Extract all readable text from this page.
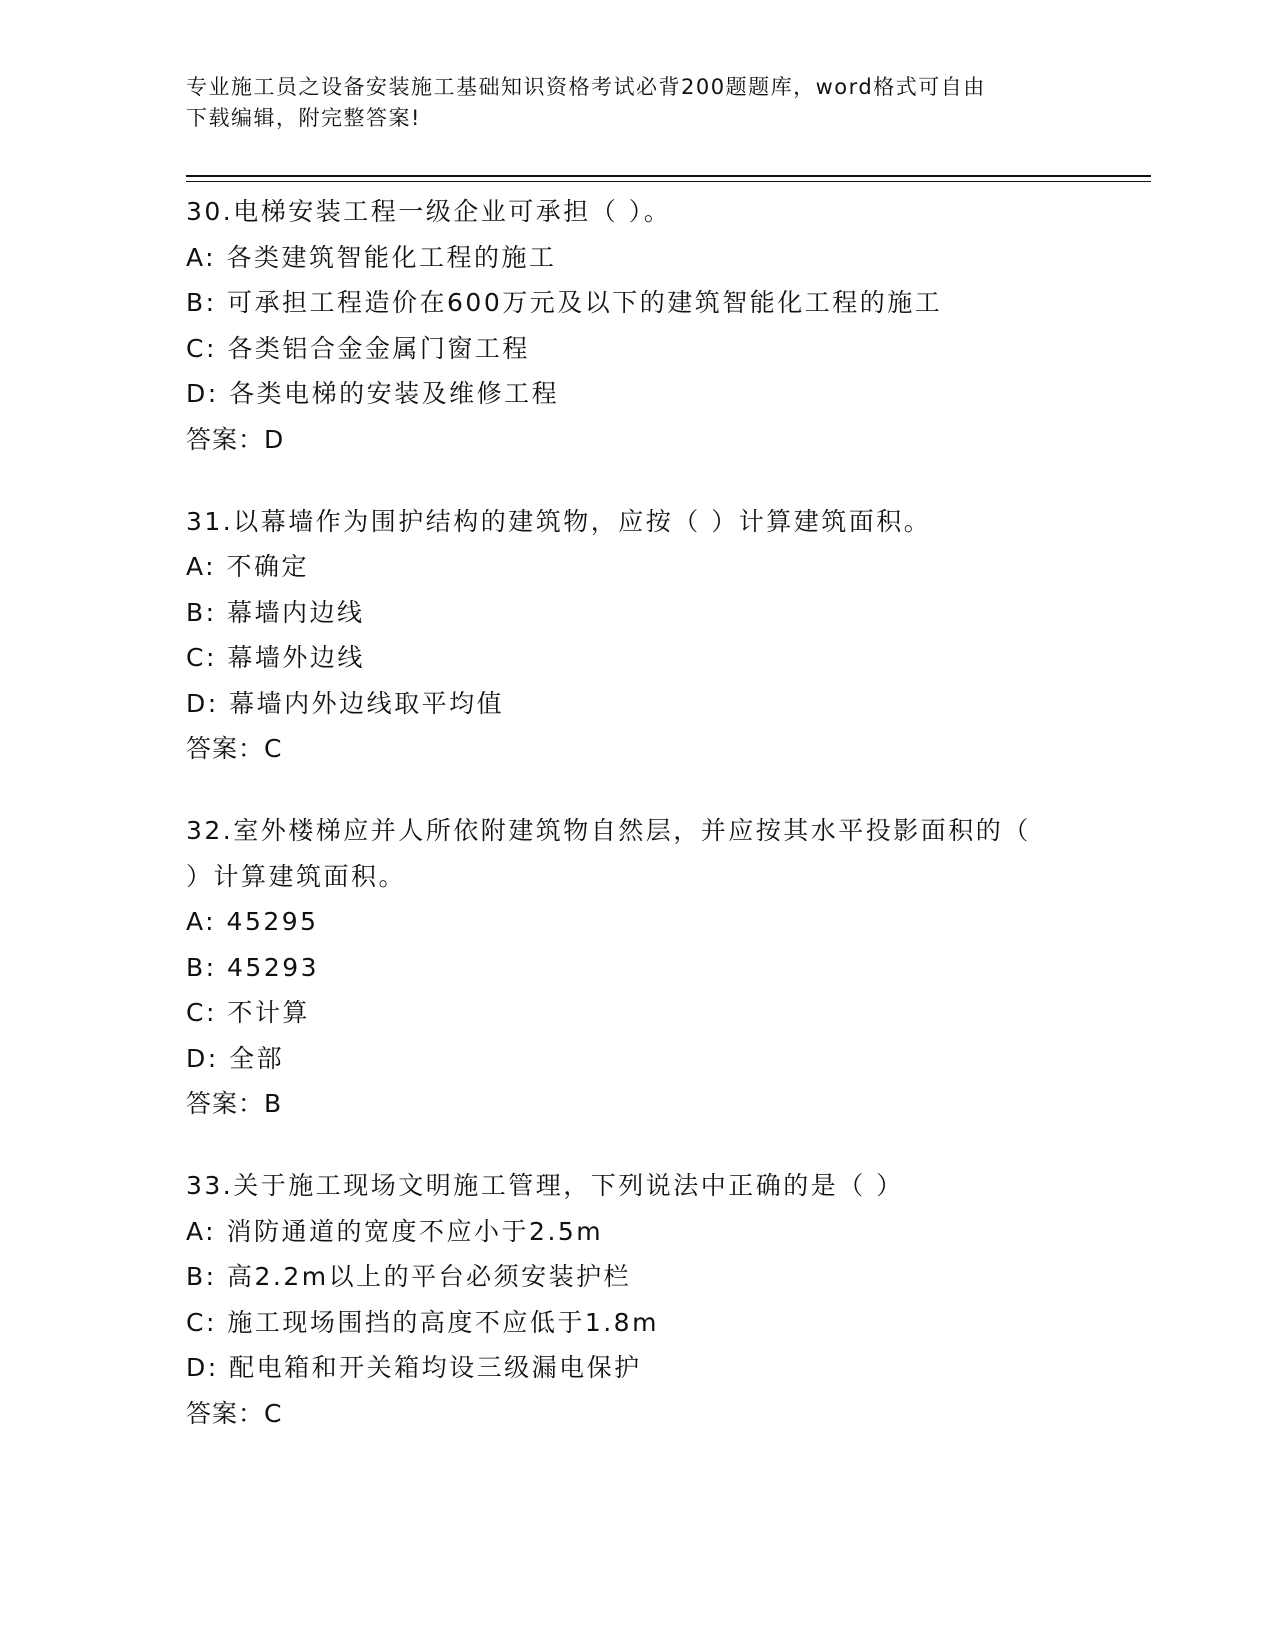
专业施工员之设备安装施工基础知识资格考试必背200题题库，word格式可自由
下载编辑，附完整答案!
30.电梯安装工程一级企业可承担（ ）。
A: 各类建筑智能化工程的施工
B: 可承担工程造价在600万元及以下的建筑智能化工程的施工
C: 各类铝合金金属门窗工程
D: 各类电梯的安装及维修工程
答案：D
31.以幕墙作为围护结构的建筑物，应按（ ）计算建筑面积。
A: 不确定
B: 幕墙内边线
C: 幕墙外边线
D: 幕墙内外边线取平均值
答案：C
32.室外楼梯应并人所依附建筑物自然层，并应按其水平投影面积的（
）计算建筑面积。
A: 45295
B: 45293
C: 不计算
D: 全部
答案：B
33.关于施工现场文明施工管理，下列说法中正确的是（ ）
A: 消防通道的宽度不应小于2.5m
B: 高2.2m以上的平台必须安装护栏
C: 施工现场围挡的高度不应低于1.8m
D: 配电箱和开关箱均设三级漏电保护
答案：C
